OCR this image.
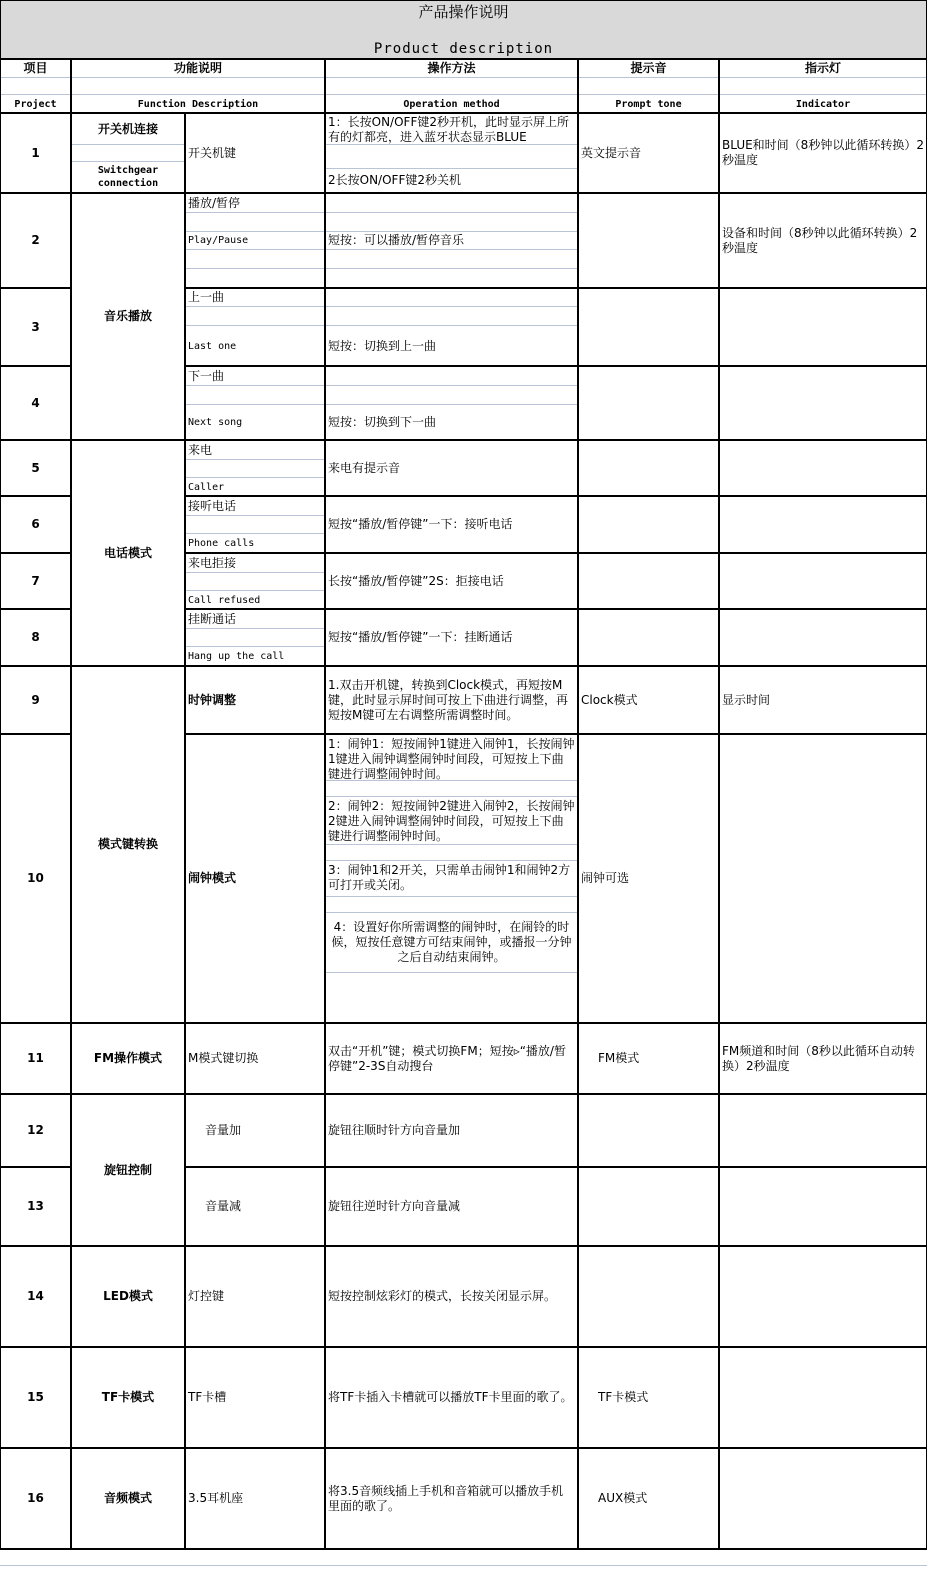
产品操作说明
Product description
项目
Project
功能说明
Function Description
操作方法
Operation method
提示音
Prompt tone
指示灯
Indicator
1
2
3
4
5
6
7
8
9
10
11
12
13
14
15
16
开关机连接
Switchgear
connection
音乐播放
电话模式
模式键转换
FM操作模式
旋钮控制
LED模式
TF卡模式
音频模式
开关机键
播放/暂停
Play/Pause
上一曲
Last one
下一曲
Next song
来电
Caller
接听电话
Phone calls
来电拒接
Call refused
挂断通话
Hang up the call
时钟调整
闹钟模式
M模式键切换
音量加
音量减
灯控键
TF卡槽
3.5耳机座
1：长按ON/OFF键2秒开机，此时显示屏上所有的灯都亮，进入蓝牙状态显示BLUE
2长按ON/OFF键2秒关机
短按：可以播放/暂停音乐
短按：切换到上一曲
短按：切换到下一曲
来电有提示音
短按“播放/暂停键”一下：接听电话
长按“播放/暂停键”2S：拒接电话
短按“播放/暂停键”一下：挂断通话
1.双击开机键，转换到Clock模式，再短按M键，此时显示屏时间可按上下曲进行调整，再短按M键可左右调整所需调整时间。
1：闹钟1：短按闹钟1键进入闹钟1，长按闹钟1键进入闹钟调整闹钟时间段，可短按上下曲键进行调整闹钟时间。
2：闹钟2：短按闹钟2键进入闹钟2，长按闹钟2键进入闹钟调整闹钟时间段，可短按上下曲键进行调整闹钟时间。
3：闹钟1和2开关，只需单击闹钟1和闹钟2方可打开或关闭。
4：设置好你所需调整的闹钟时，在闹铃的时候，短按任意键方可结束闹钟，或播报一分钟之后自动结束闹钟。
双击“开机”键；模式切换FM；短按▹“播放/暂停键”2-3S自动搜台
旋钮往顺时针方向音量加
旋钮往逆时针方向音量减
短按控制炫彩灯的模式，长按关闭显示屏。
将TF卡插入卡槽就可以播放TF卡里面的歌了。
将3.5音频线插上手机和音箱就可以播放手机里面的歌了。
英文提示音
Clock模式
闹钟可选
FM模式
TF卡模式
AUX模式
BLUE和时间（8秒钟以此循环转换）2秒温度
设备和时间（8秒钟以此循环转换）2秒温度
显示时间
FM频道和时间（8秒以此循环自动转换）2秒温度
